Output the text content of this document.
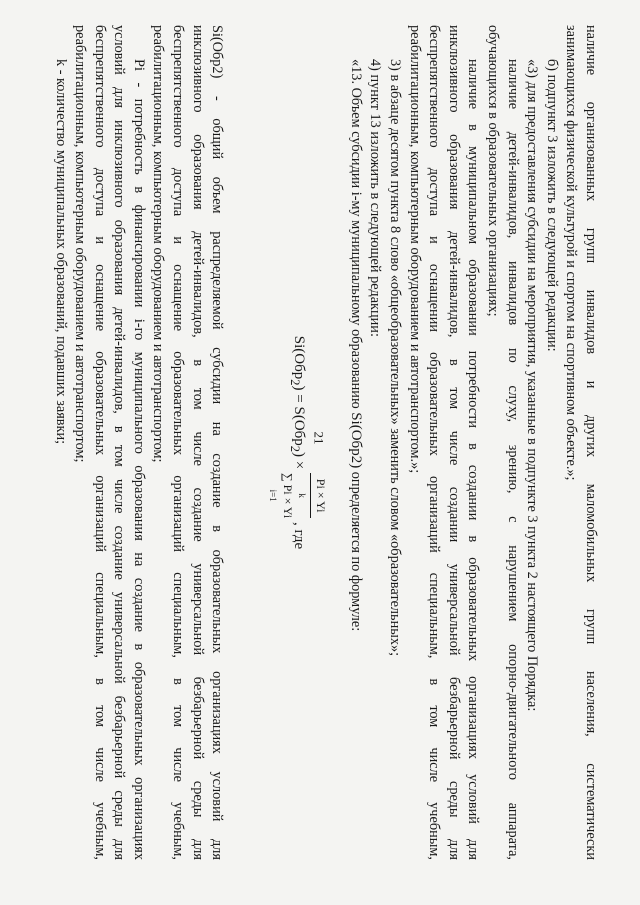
21	наличие организованных групп инвалидов и других маломобильных групп населения, систематически

занимающихся физической культурой и спортом на спортивном объекте.»;

б) подпункт 3 изложить в следующей редакции:

«3) для предоставления субсидии на мероприятия, указанные в подпункте 3 пункта 2 настоящего Порядка:

наличие детей-инвалидов, инвалидов по слуху, зрению, с нарушением опорно-двигательного аппарата,

обучающихся в образовательных организациях;

наличие в муниципальном образовании потребности в создании в образовательных организациях условий для

инклюзивного образования детей-инвалидов, в том числе создании универсальной безбарьерной среды для

беспрепятственного доступа и оснащении образовательных организаций специальным, в том числе учебным,

реабилитационным, компьютерным оборудованием и автотранспортом.»;

3) в абзаце десятом пункта 8 слово «общеобразовательных» заменить словом «образовательных»;

4) пункт 13 изложить в следующей редакции:

«13. Объем субсидии i-му муниципальному образованию Si(Обр2) определяется по формуле:

Si(Обр$_2$) = S(Обр$_2$) ×
Pi × Yi
k
∑ Pi × Yi
i=1
, где

Si(Обр2) - общий объем распределяемой субсидии на создание в образовательных организациях условий для

инклюзивного образования детей-инвалидов, в том числе создание универсальной безбарьерной среды для

беспрепятственного доступа и оснащение образовательных организаций специальным, в том числе учебным,

реабилитационным, компьютерным оборудованием и автотранспортом;

Pi - потребность в финансировании i-го муниципального образования на создание в образовательных организациях

условий для инклюзивного образования детей-инвалидов, в том числе создание универсальной безбарьерной среды для

беспрепятственного доступа и оснащение образовательных организаций специальным, в том числе учебным,

реабилитационным, компьютерным оборудованием и автотранспортом;

k - количество муниципальных образований, подавших заявки;
